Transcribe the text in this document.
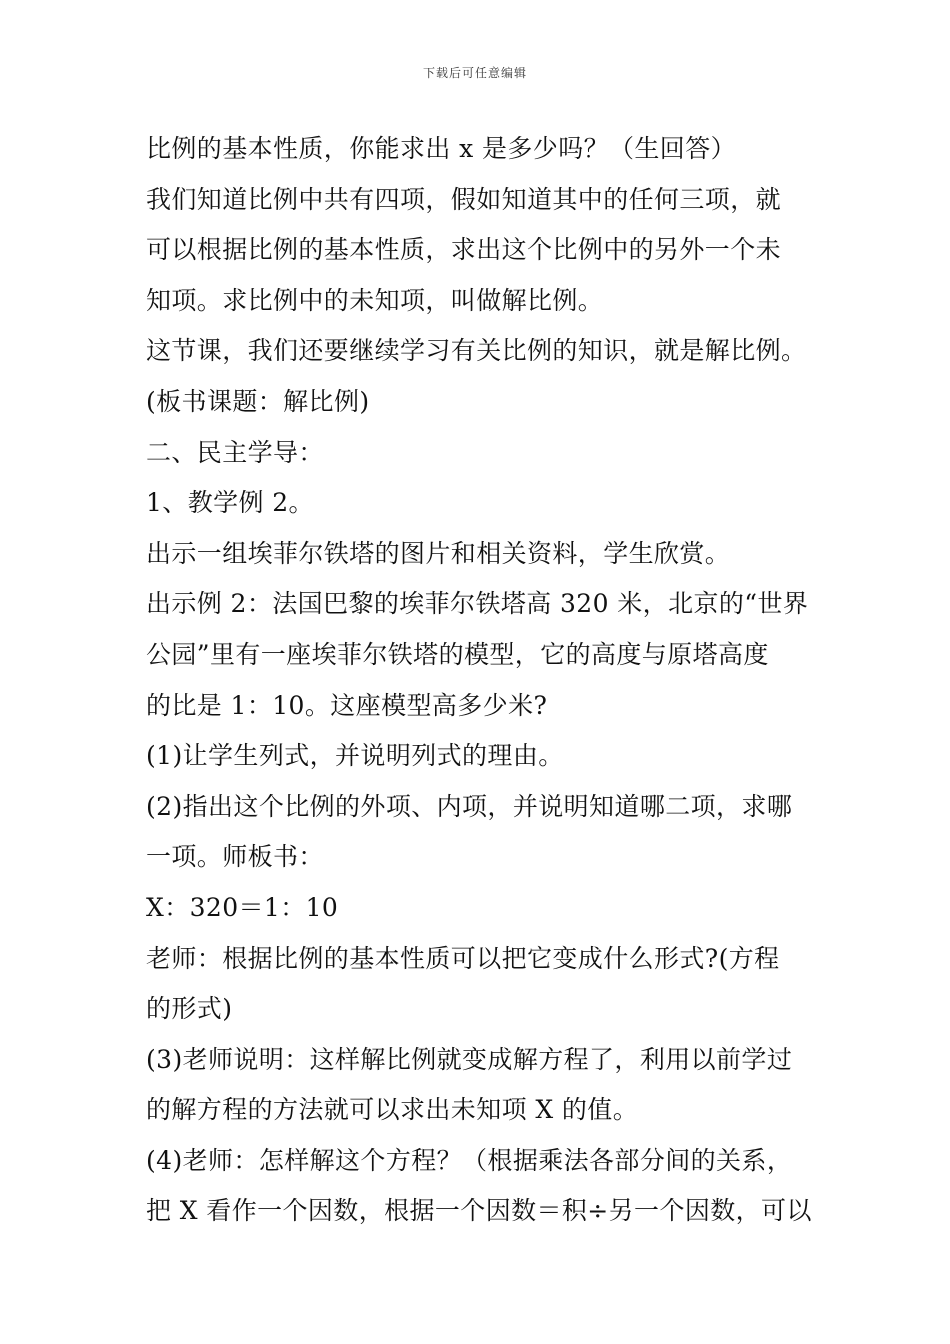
下载后可任意编辑

比例的基本性质，你能求出 x 是多少吗？（生回答）

我们知道比例中共有四项，假如知道其中的任何三项，就

可以根据比例的基本性质，求出这个比例中的另外一个未

知项。求比例中的未知项，叫做解比例。

这节课，我们还要继续学习有关比例的知识，就是解比例。

(板书课题：解比例)

二、民主学导：

1、教学例 2。

出示一组埃菲尔铁塔的图片和相关资料，学生欣赏。

出示例 2：法国巴黎的埃菲尔铁塔高 320 米，北京的“世界

公园”里有一座埃菲尔铁塔的模型，它的高度与原塔高度

的比是 1：10。这座模型高多少米?

(1)让学生列式，并说明列式的理由。

(2)指出这个比例的外项、内项，并说明知道哪二项，求哪

一项。师板书：

X：320＝1：10

老师：根据比例的基本性质可以把它变成什么形式?(方程

的形式)

(3)老师说明：这样解比例就变成解方程了，利用以前学过

的解方程的方法就可以求出未知项 X 的值。

(4)老师：怎样解这个方程？（根据乘法各部分间的关系，

把 X 看作一个因数，根据一个因数＝积÷另一个因数，可以
